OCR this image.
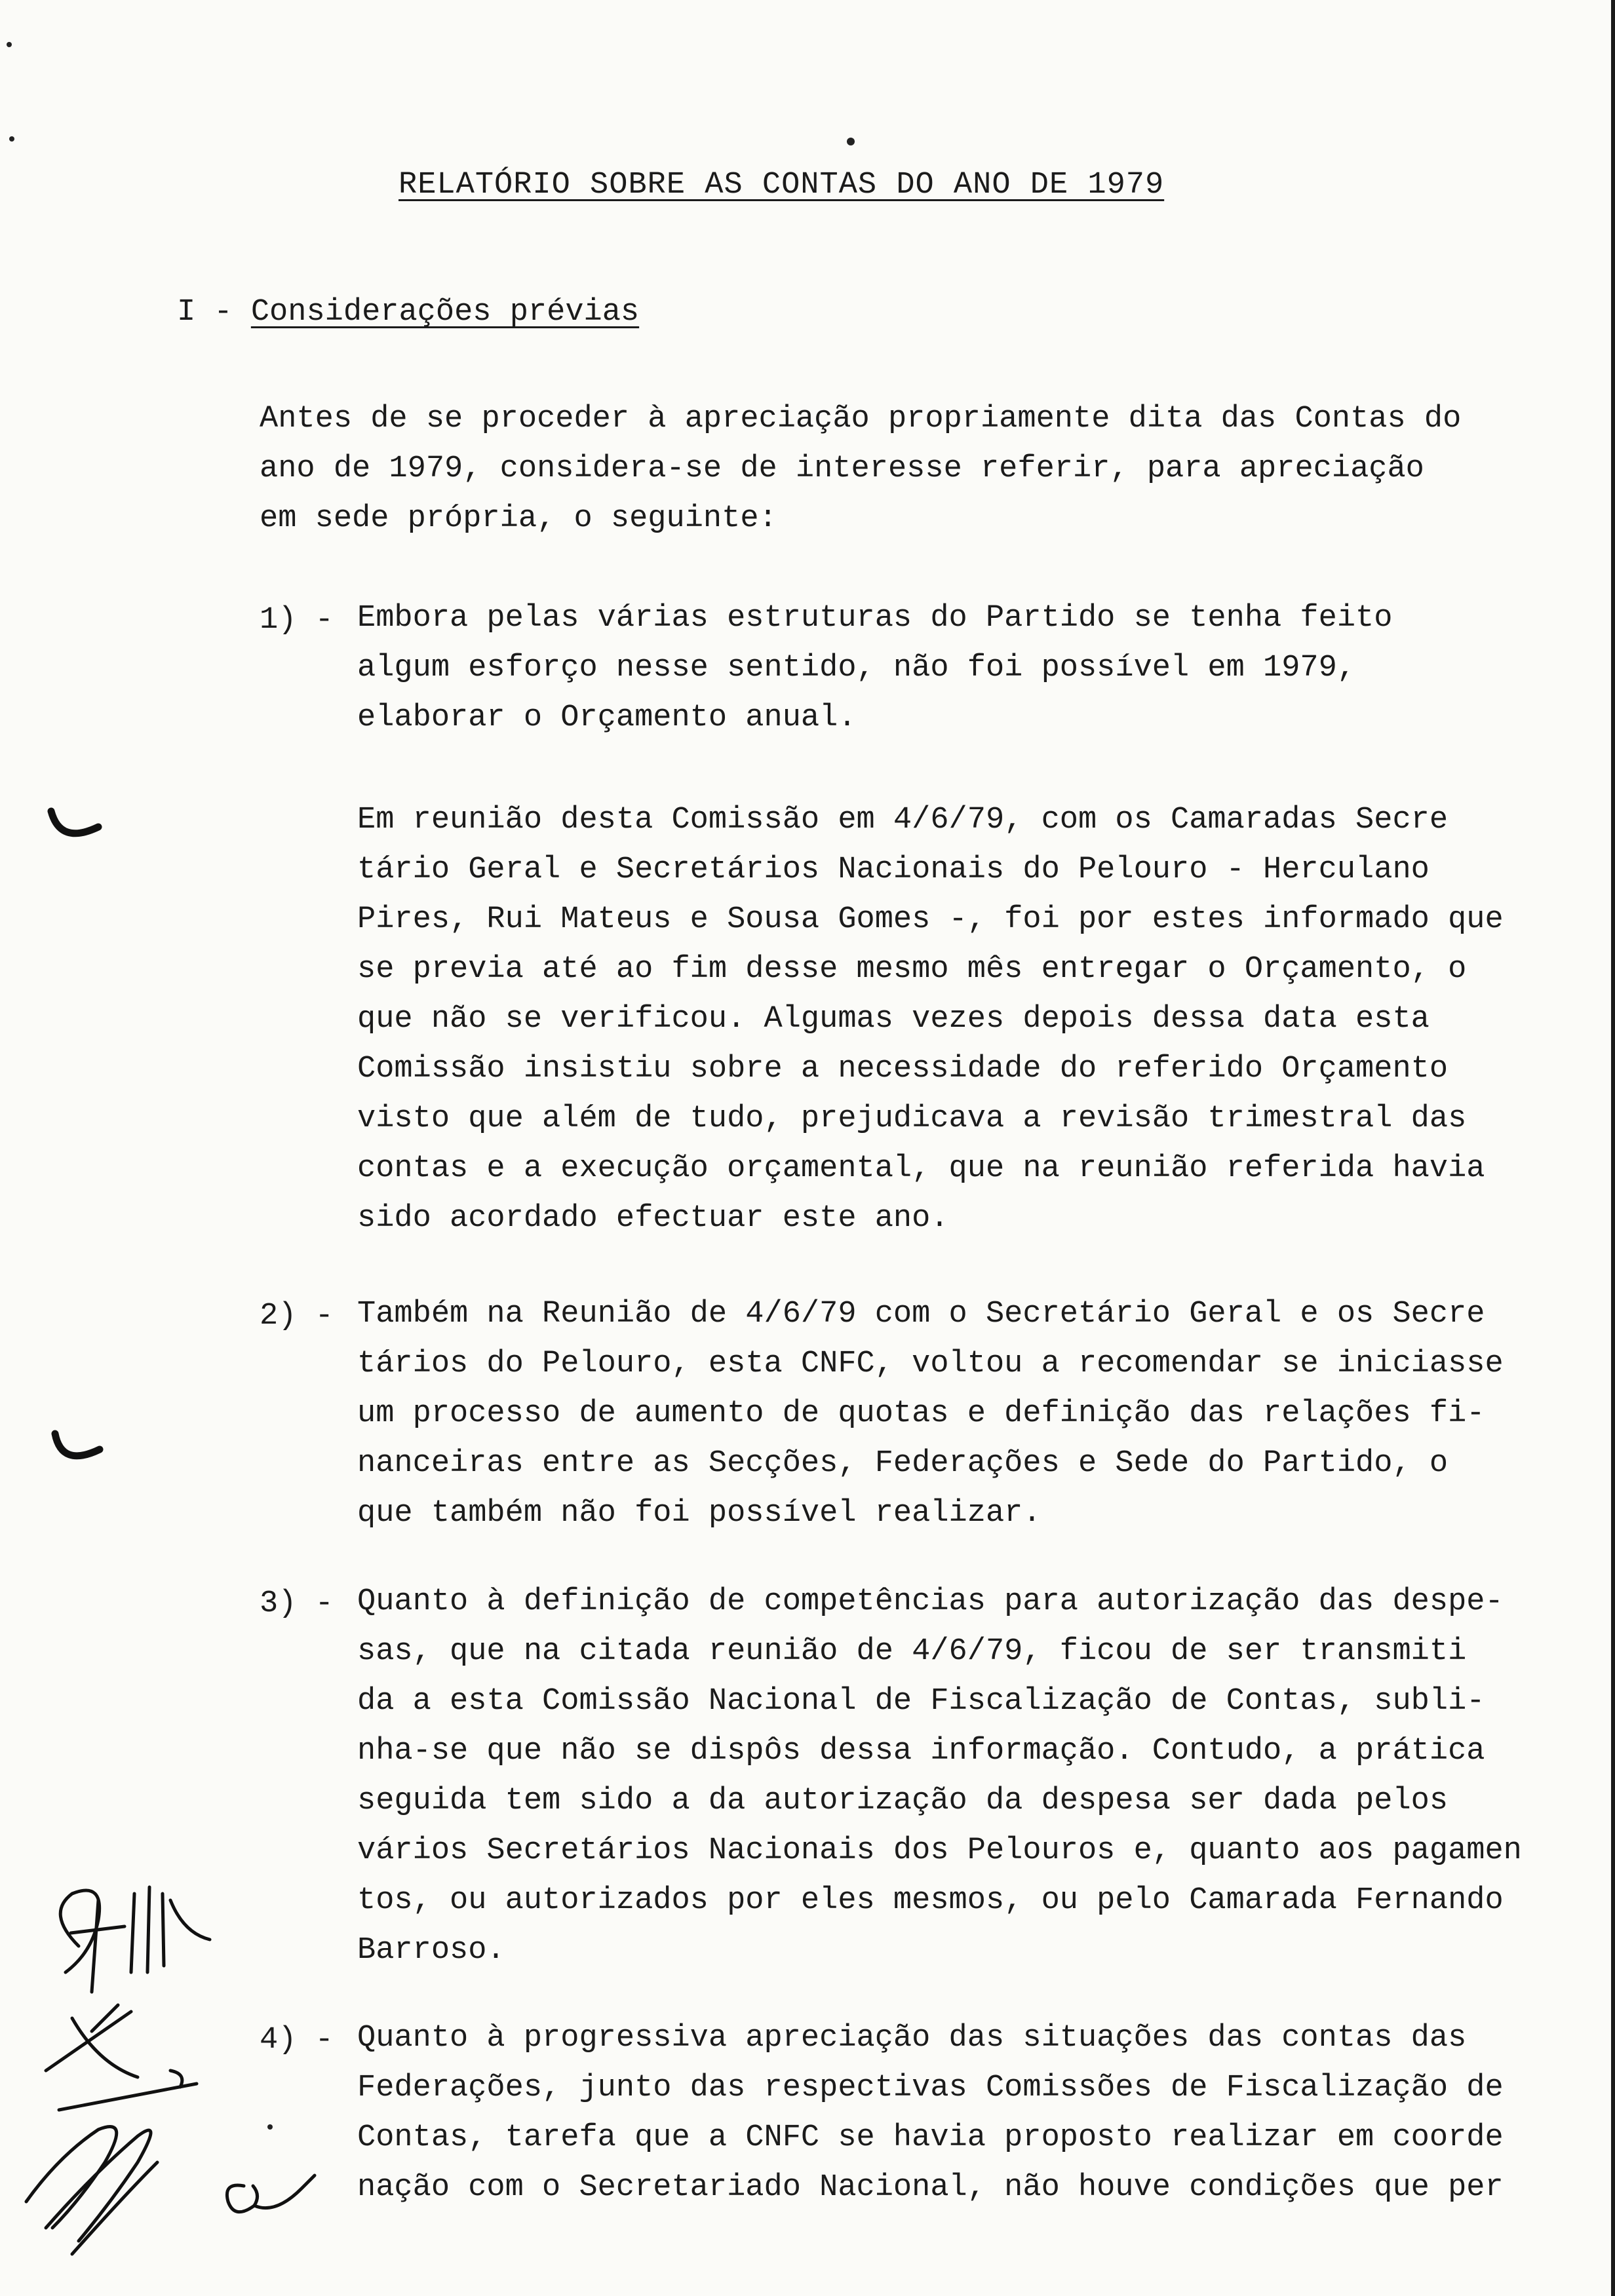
RELATÓRIO SOBRE AS CONTAS DO ANO DE 1979
I - Considerações prévias
Antes de se proceder à apreciação propriamente dita das Contas do
ano de 1979, considera-se de interesse referir, para apreciação
em sede própria, o seguinte:
1) - Embora pelas várias estruturas do Partido se tenha feito
algum esforço nesse sentido, não foi possível em 1979,
elaborar o Orçamento anual.
Em reunião desta Comissão em 4/6/79, com os Camaradas Secre
tário Geral e Secretários Nacionais do Pelouro - Herculano
Pires, Rui Mateus e Sousa Gomes -, foi por estes informado que
se previa até ao fim desse mesmo mês entregar o Orçamento, o
que não se verificou. Algumas vezes depois dessa data esta
Comissão insistiu sobre a necessidade do referido Orçamento
visto que além de tudo, prejudicava a revisão trimestral das
contas e a execução orçamental, que na reunião referida havia
sido acordado efectuar este ano.
2) - Também na Reunião de 4/6/79 com o Secretário Geral e os Secre
tários do Pelouro, esta CNFC, voltou a recomendar se iniciasse
um processo de aumento de quotas e definição das relações fi-
nanceiras entre as Secções, Federações e Sede do Partido, o
que também não foi possível realizar.
3) - Quanto à definição de competências para autorização das despe-
sas, que na citada reunião de 4/6/79, ficou de ser transmiti
da a esta Comissão Nacional de Fiscalização de Contas, subli-
nha-se que não se dispôs dessa informação. Contudo, a prática
seguida tem sido a da autorização da despesa ser dada pelos
vários Secretários Nacionais dos Pelouros e, quanto aos pagamen
tos, ou autorizados por eles mesmos, ou pelo Camarada Fernando
Barroso.
4) - Quanto à progressiva apreciação das situações das contas das
Federações, junto das respectivas Comissões de Fiscalização de
Contas, tarefa que a CNFC se havia proposto realizar em coorde
nação com o Secretariado Nacional, não houve condições que per
